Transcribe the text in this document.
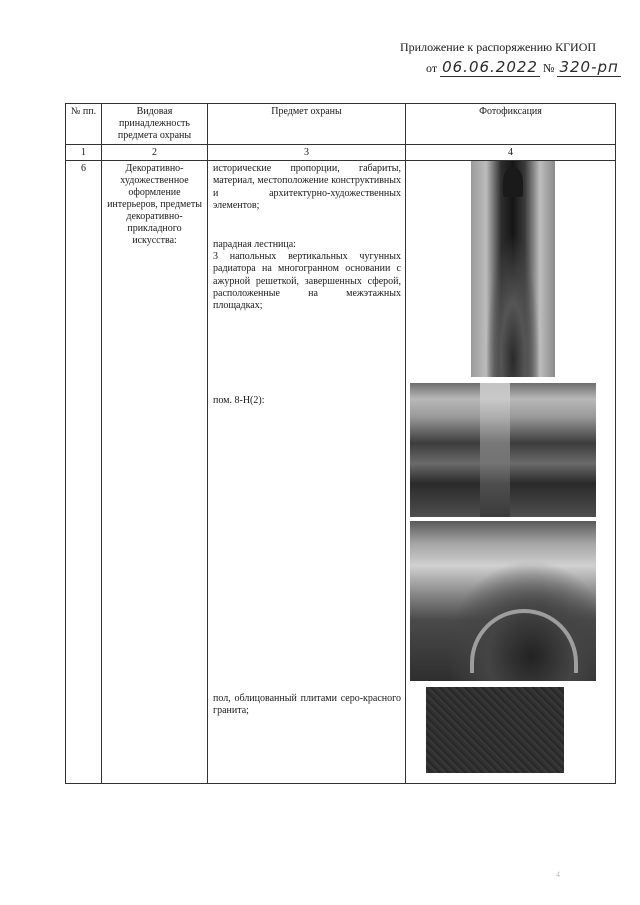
Приложение к распоряжению КГИОП
от 06.06.2022 № 320-рп
№ пп.	Видовая принадлежность предмета охраны	Предмет охраны	Фотофиксация
1	2	3	4
6	Декоративно-художественное оформление интерьеров, предметы декоративно-прикладного искусства:	исторические пропорции, габариты, материал, местоположение конструктивных и архитектурно-художественных элементов;
парадная лестница:
3 напольных вертикальных чугунных радиатора на многогранном основании с ажурной решеткой, завершенных сферой, расположенные на межэтажных площадках;
пом. 8-Н(2):
пол, облицованный плитами серо-красного гранита;	

4
